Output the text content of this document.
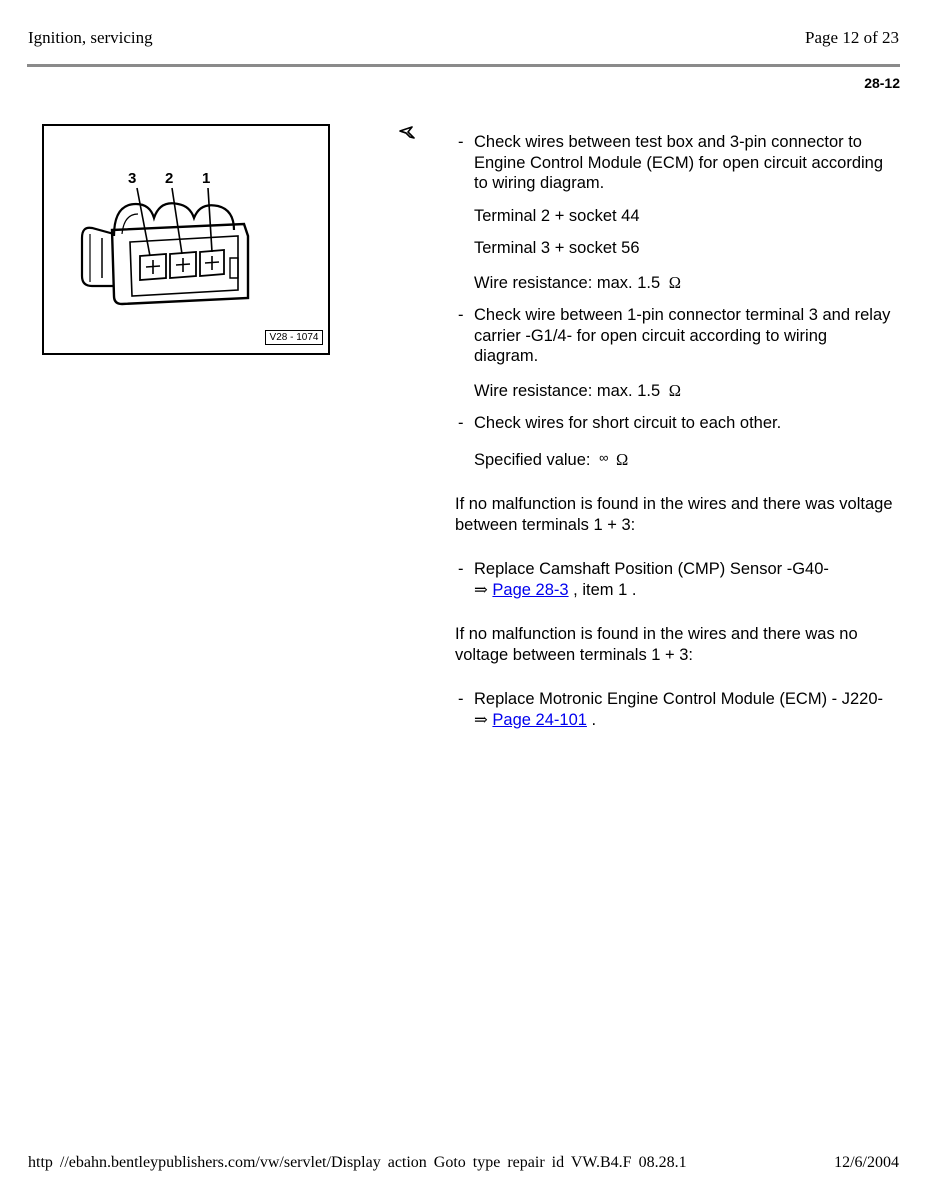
Ignition, servicing	Page 12 of 23
28-12
3 2 1
V28 - 1074
- Check wires between test box and 3-pin connector to Engine Control Module (ECM) for open circuit according to wiring diagram.
Terminal 2 + socket 44
Terminal 3 + socket 56
Wire resistance: max. 1.5 Ω
- Check wire between 1-pin connector terminal 3 and relay carrier -G1/4- for open circuit according to wiring diagram.
Wire resistance: max. 1.5 Ω
- Check wires for short circuit to each other.
Specified value: ∞ Ω
If no malfunction is found in the wires and there was voltage between terminals 1 + 3:
- Replace Camshaft Position (CMP) Sensor -G40-
⇒ Page 28-3 , item 1 .
If no malfunction is found in the wires and there was no voltage between terminals 1 + 3:
- Replace Motronic Engine Control Module (ECM) - J220- ⇒ Page 24-101 .
http //ebahn.bentleypublishers.com/vw/servlet/Display action Goto type repair id VW.B4.F 08.28.1	12/6/2004
